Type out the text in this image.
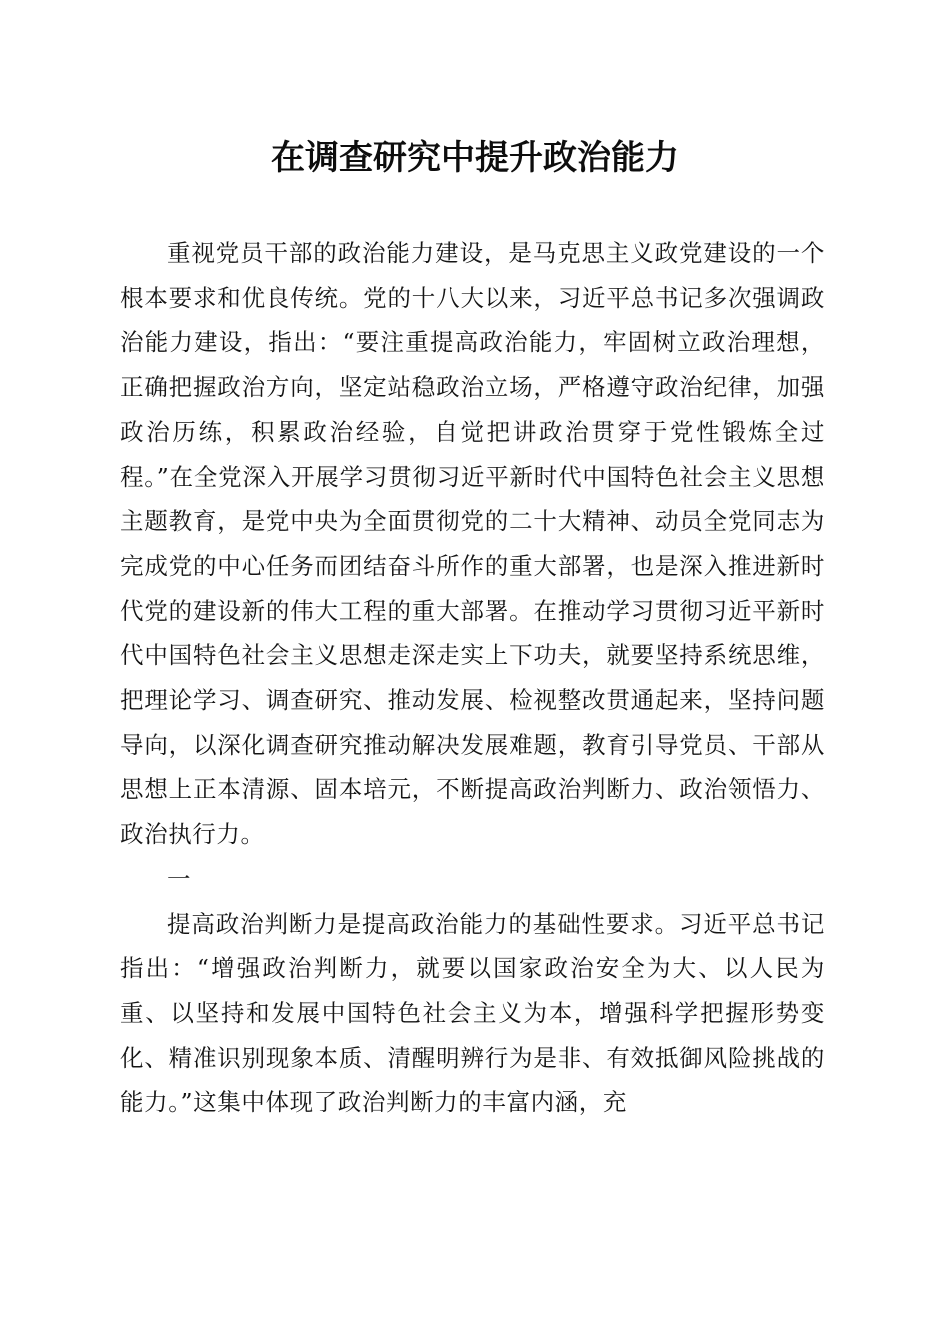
在调查研究中提升政治能力

重视党员干部的政治能力建设，是马克思主义政党建设的一个根本要求和优良传统。党的十八大以来，习近平总书记多次强调政治能力建设，指出：“要注重提高政治能力，牢固树立政治理想，正确把握政治方向，坚定站稳政治立场，严格遵守政治纪律，加强政治历练，积累政治经验，自觉把讲政治贯穿于党性锻炼全过程。”在全党深入开展学习贯彻习近平新时代中国特色社会主义思想主题教育，是党中央为全面贯彻党的二十大精神、动员全党同志为完成党的中心任务而团结奋斗所作的重大部署，也是深入推进新时代党的建设新的伟大工程的重大部署。在推动学习贯彻习近平新时代中国特色社会主义思想走深走实上下功夫，就要坚持系统思维，把理论学习、调查研究、推动发展、检视整改贯通起来，坚持问题导向，以深化调查研究推动解决发展难题，教育引导党员、干部从思想上正本清源、固本培元，不断提高政治判断力、政治领悟力、政治执行力。

一

提高政治判断力是提高政治能力的基础性要求。习近平总书记指出：“增强政治判断力，就要以国家政治安全为大、以人民为重、以坚持和发展中国特色社会主义为本，增强科学把握形势变化、精准识别现象本质、清醒明辨行为是非、有效抵御风险挑战的能力。”这集中体现了政治判断力的丰富内涵，充
